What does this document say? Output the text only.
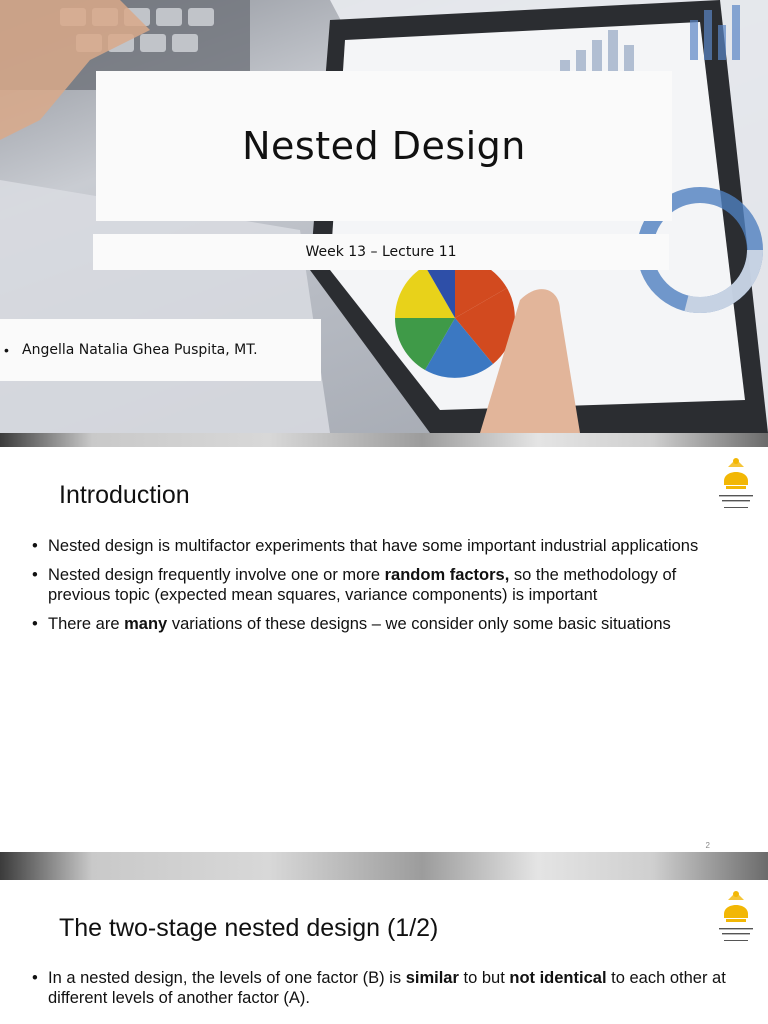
Nested Design
Week 13 – Lecture 11
• Angella Natalia Ghea Puspita, MT.
Introduction
• Nested design is multifactor experiments that have some important industrial applications
• Nested design frequently involve one or more random factors, so the methodology of previous topic (expected mean squares, variance components) is important
• There are many variations of these designs – we consider only some basic situations
2
The two-stage nested design (1/2)
• In a nested design, the levels of one factor (B) is similar to but not identical to each other at different levels of another factor (A).
